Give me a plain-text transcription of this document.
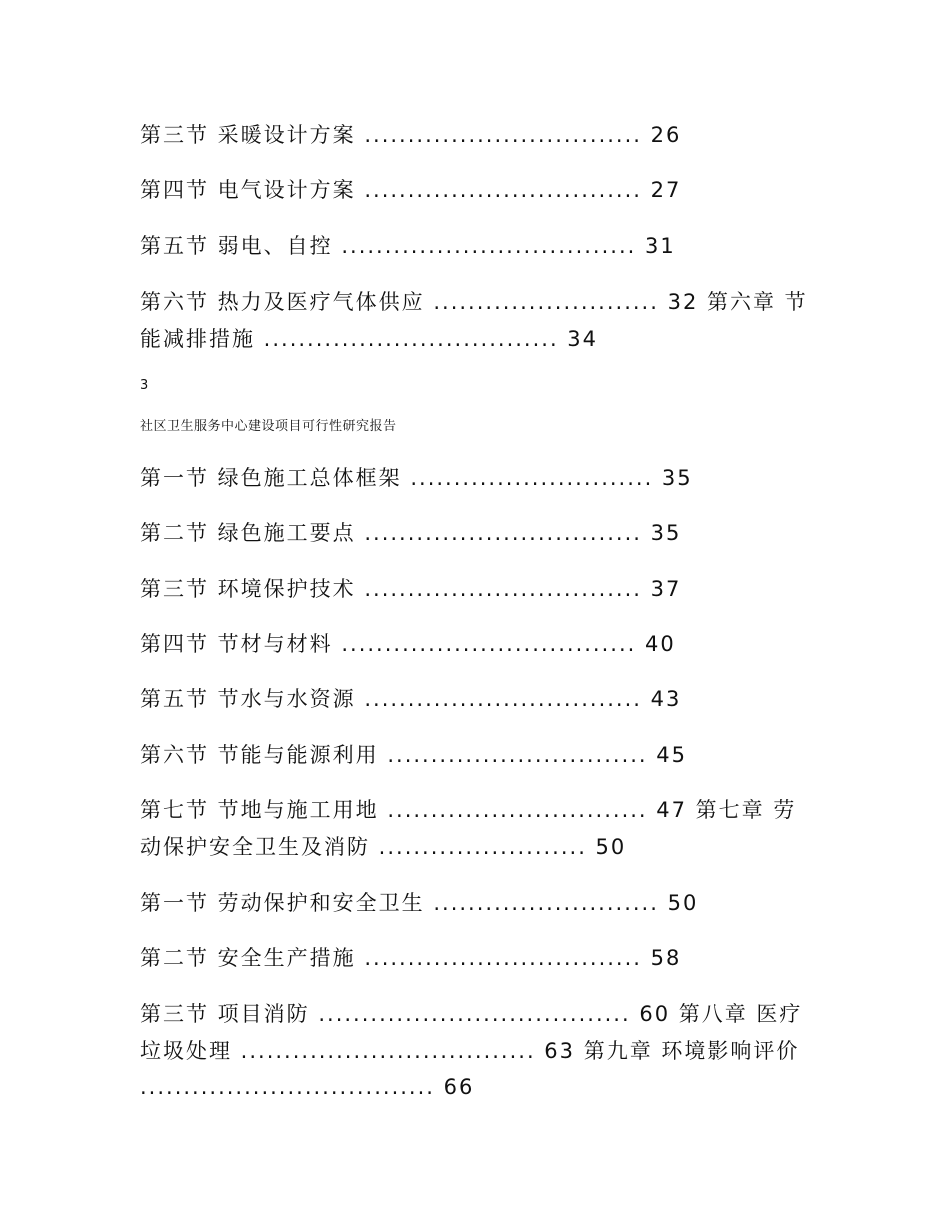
第三节 采暖设计方案 ................................ 26
第四节 电气设计方案 ................................ 27
第五节 弱电、自控 .................................. 31
第六节 热力及医疗气体供应 .......................... 32 第六章 节
能减排措施 .................................. 34
3
社区卫生服务中心建设项目可行性研究报告
第一节 绿色施工总体框架 ............................ 35
第二节 绿色施工要点 ................................ 35
第三节 环境保护技术 ................................ 37
第四节 节材与材料 .................................. 40
第五节 节水与水资源 ................................ 43
第六节 节能与能源利用 .............................. 45
第七节 节地与施工用地 .............................. 47 第七章 劳
动保护安全卫生及消防 ........................ 50
第一节 劳动保护和安全卫生 .......................... 50
第二节 安全生产措施 ................................ 58
第三节 项目消防 .................................... 60 第八章 医疗
垃圾处理 .................................. 63 第九章 环境影响评价
.................................. 66
